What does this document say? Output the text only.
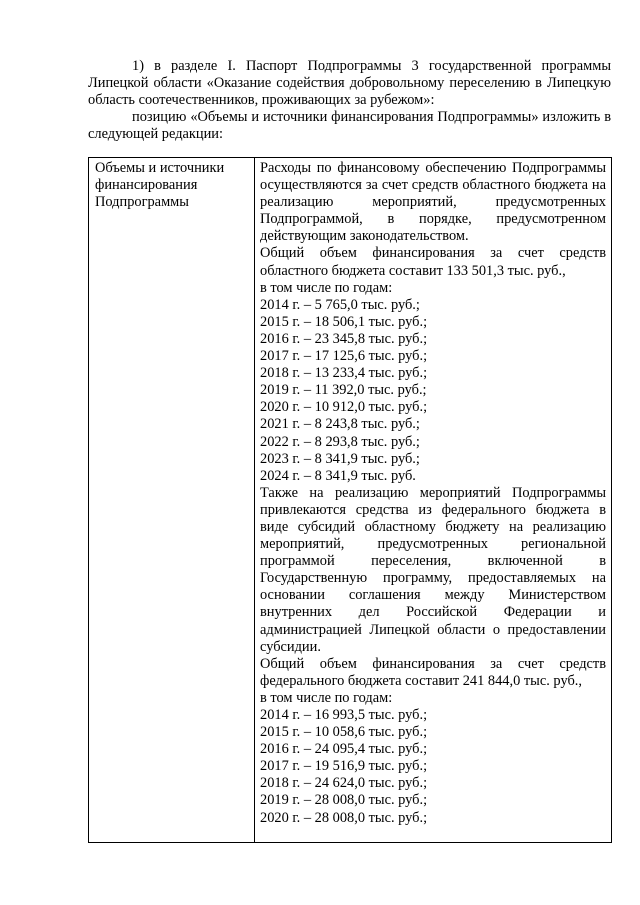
1) в разделе I. Паспорт Подпрограммы 3 государственной программы Липецкой области «Оказание содействия добровольному переселению в Липецкую область соотечественников, проживающих за рубежом»:

позицию «Объемы и источники финансирования Подпрограммы» изложить в следующей редакции:

Объемы и источники
финансирования
Подпрограммы

Расходы по финансовому обеспечению Подпрограммы осуществляются за счет средств областного бюджета на реализацию мероприятий, предусмотренных Подпрограммой, в порядке, предусмотренном действующим законодательством.

Общий объем финансирования за счет средств областного бюджета составит 133 501,3 тыс. руб.,

в том числе по годам:

2014 г. – 5 765,0 тыс. руб.;
2015 г. – 18 506,1 тыс. руб.;
2016 г. – 23 345,8 тыс. руб.;
2017 г. – 17 125,6 тыс. руб.;
2018 г. – 13 233,4 тыс. руб.;
2019 г. – 11 392,0 тыс. руб.;
2020 г. – 10 912,0 тыс. руб.;
2021 г. – 8 243,8 тыс. руб.;
2022 г. – 8 293,8 тыс. руб.;
2023 г. – 8 341,9 тыс. руб.;
2024 г. – 8 341,9 тыс. руб.

Также на реализацию мероприятий Подпрограммы привлекаются средства из федерального бюджета в виде субсидий областному бюджету на реализацию мероприятий, предусмотренных региональной программой переселения, включенной в Государственную программу, предоставляемых на основании соглашения между Министерством внутренних дел Российской Федерации и администрацией Липецкой области о предоставлении субсидии.

Общий объем финансирования за счет средств федерального бюджета составит 241 844,0 тыс. руб.,

в том числе по годам:

2014 г. – 16 993,5 тыс. руб.;
2015 г. – 10 058,6 тыс. руб.;
2016 г. – 24 095,4 тыс. руб.;
2017 г. – 19 516,9 тыс. руб.;
2018 г. – 24 624,0 тыс. руб.;
2019 г. – 28 008,0 тыс. руб.;
2020 г. – 28 008,0 тыс. руб.;
